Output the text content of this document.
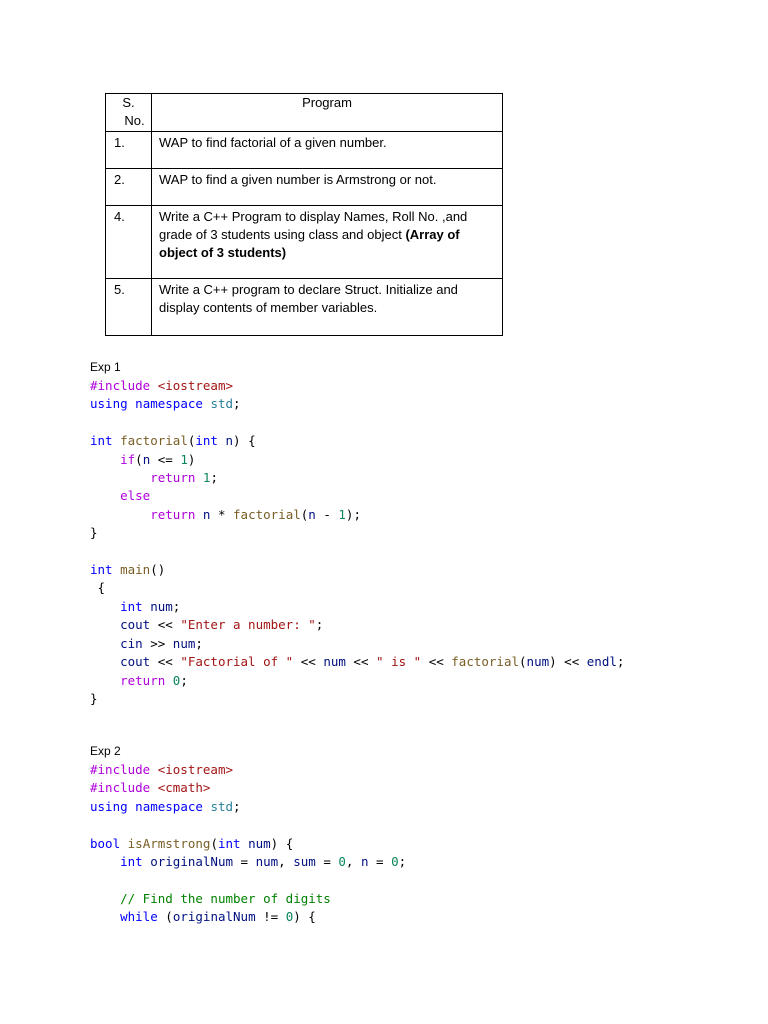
S.
No.	Program
1.	WAP to find factorial of a given number.
2.	WAP to find a given number is Armstrong or not.
4.	Write a C++ Program to display Names, Roll No. ,and grade of 3 students using class and object (Array of object of 3 students)
5.	Write a C++ program to declare Struct. Initialize and display contents of member variables.
Exp 1
#include <iostream>
using namespace std;

int factorial(int n) {
if(n <= 1)
return 1;
else
return n * factorial(n - 1);
}

int main()
{
int num;
cout << "Enter a number: ";
cin >> num;
cout << "Factorial of " << num << " is " << factorial(num) << endl;
return 0;
}
Exp 2
#include <iostream>
#include <cmath>
using namespace std;

bool isArmstrong(int num) {
int originalNum = num, sum = 0, n = 0;

// Find the number of digits
while (originalNum != 0) {
